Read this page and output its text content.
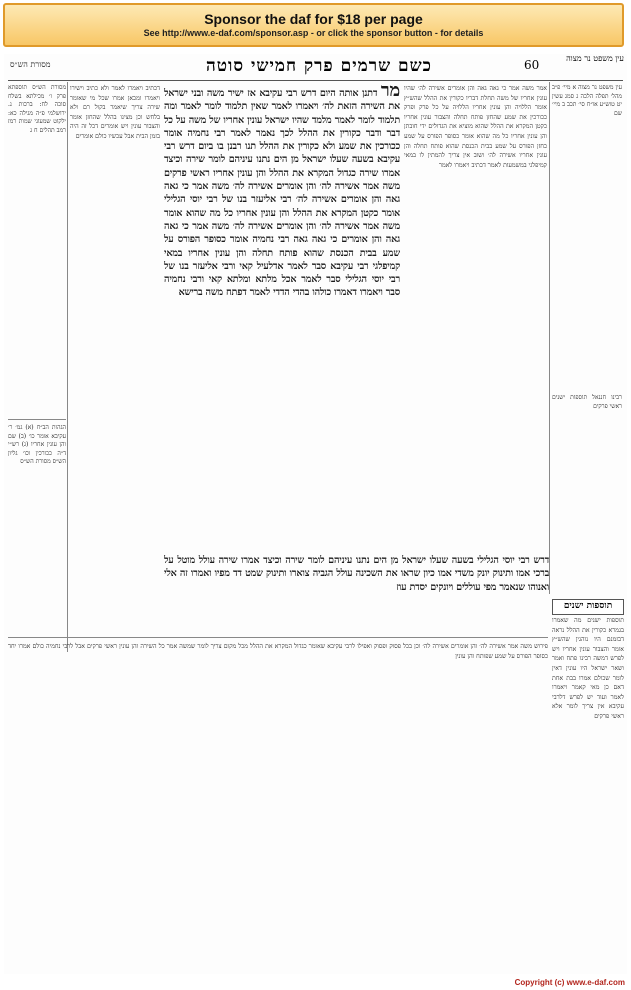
Sponsor the daf for $18 per page
See http://www.e-daf.com/sponsor.asp - or click the sponsor button - for details
מסורת הש״ס	כשם שרמים פרק חמישי סוטה	60	עין משפט נר מצוה
עין משפט נר מצוה א מיי׳ פ״ב מהל׳ תפלה הלכה ג סמג עשין יט טוש״ע או״ח סי׳ תכב ב מיי׳ שם
רבינו חננאל תוספות ישנים ראשי פרקים
אמר משה אמר כי גאה גאה והן אומרים אשירה לה׳ שהיו עונין אחריו של משה תחלת דבריו כקורין את ההלל שהש״ץ אומר הללויה והן עונין אחריו הללויה על כל פרק ופרק ככורכין את שמע שהחזן פותח תחלה והצבור עונין אחריו כקטן המקרא את ההלל שהוא מוציא את הגדולים ידי חובתן והן עונין אחריו כל מה שהוא אומר כסופר הפורס על שמע כחזן הפורס על שמע בבית הכנסת שהוא פותח תחלה והן עונין אחריו אשירה לה׳ ושוב אין צריך להמתין לו במאי קמיפלגי במשמעות לאמר דכתיב ויאמרו לאמר
תוספות ישנים
תוספות ישנים מה שאמרו בגמרא כקורין את ההלל נראה דבזמנם היו נוהגין שהש״ץ אומר והצבור עונין אחריו ויש לפרש דמשה רבינו פתח ואמר ושאר ישראל היו עונין דאין לומר שכולם אמרו בבת אחת דאם כן מאי קאמר ויאמרו לאמר ועוד יש לפרש דלרבי עקיבא אין צריך לומר אלא ראשי פרקים
מר דתנן אותה היום דרש רבי עקיבא אז ישיר משה ובני ישראל את השירה הזאת לה׳ ויאמרו לאמר שאין תלמוד לומר לאמר ומה תלמוד לומר לאמר מלמד שהיו ישראל עונין אחריו של משה על כל דבר ודבר כקורין את ההלל לכך נאמר לאמר רבי נחמיה אומר ככורכין את שמע ולא כקורין את ההלל תנו רבנן בו ביום דרש רבי עקיבא בשעה שעלו ישראל מן הים נתנו עיניהם לומר שירה וכיצד אמרו שירה כגדול המקרא את ההלל והן עונין אחריו ראשי פרקים משה אמר אשירה לה׳ והן אומרים אשירה לה׳ משה אמר כי גאה גאה והן אומרים אשירה לה׳ רבי אליעזר בנו של רבי יוסי הגלילי אומר כקטן המקרא את ההלל והן עונין אחריו כל מה שהוא אומר משה אמר אשירה לה׳ והן אומרים אשירה לה׳ משה אמר כי גאה גאה והן אומרים כי גאה גאה רבי נחמיה אומר כסופר הפורס על שמע בבית הכנסת שהוא פותח תחלה והן עונין אחריו במאי קמיפלגי רבי עקיבא סבר לאמר אדלעיל קאי ורבי אליעזר בנו של רבי יוסי הגלילי סבר לאמר אכל מלתא ומלתא קאי ורבי נחמיה סבר ויאמרו דאמרו כולהו בהדי הדדי לאמר דפתח משה ברישא
דרש רבי יוסי הגלילי בשעה שעלו ישראל מן הים נתנו עיניהם לומר שירה וכיצד אמרו שירה עולל מוטל על ברכי אמו ותינוק יונק משדי אמו כיון שראו את השכינה עולל הגביה צוארו ותינוק שמט דד מפיו ואמרו זה אלי ואנוהו שנאמר מפי עוללים ויונקים יסדת עוז
דכתיב ויאמרו לאמר ולא כתיב וישירו ויאמרו ומכאן אמרו שכל מי שאומר שירה צריך שיאמר בקול רם ולא בלחש וכן מצינו בהלל שהחזן אומר והצבור עונין ויש אומרים דכל זה היה בזמן הבית אבל עכשיו כולם אומרים
מסורת הש״ס תוספתא פרק ו׳ מכילתא בשלח סוכה לח: ברכות נ. ירושלמי פ״ה מגילה כא: ילקוט שמעוני שמות רמז רמב תהלים ח ג
הגהות הב״ח (א) גמ׳ ר׳ עקיבא אומר כו׳ (ב) שם והן עונין אחריו (ג) רש״י ד״ה ככורכין וכו׳ גליון הש״ס מסורת הש״ס
פירוש משה אמר אשירה לה׳ והן אומרים אשירה לה׳ וכן בכל פסוק ופסוק ואפילו לרבי עקיבא שאומר כגדול המקרא את ההלל מכל מקום צריך לומר שמשה אמר כל השירה והן עונין ראשי פרקים אבל לרבי נחמיה כולם אמרו יחד כסופר הפורס על שמע שפותח והן עונין
Copyright (c) www.e-daf.com
